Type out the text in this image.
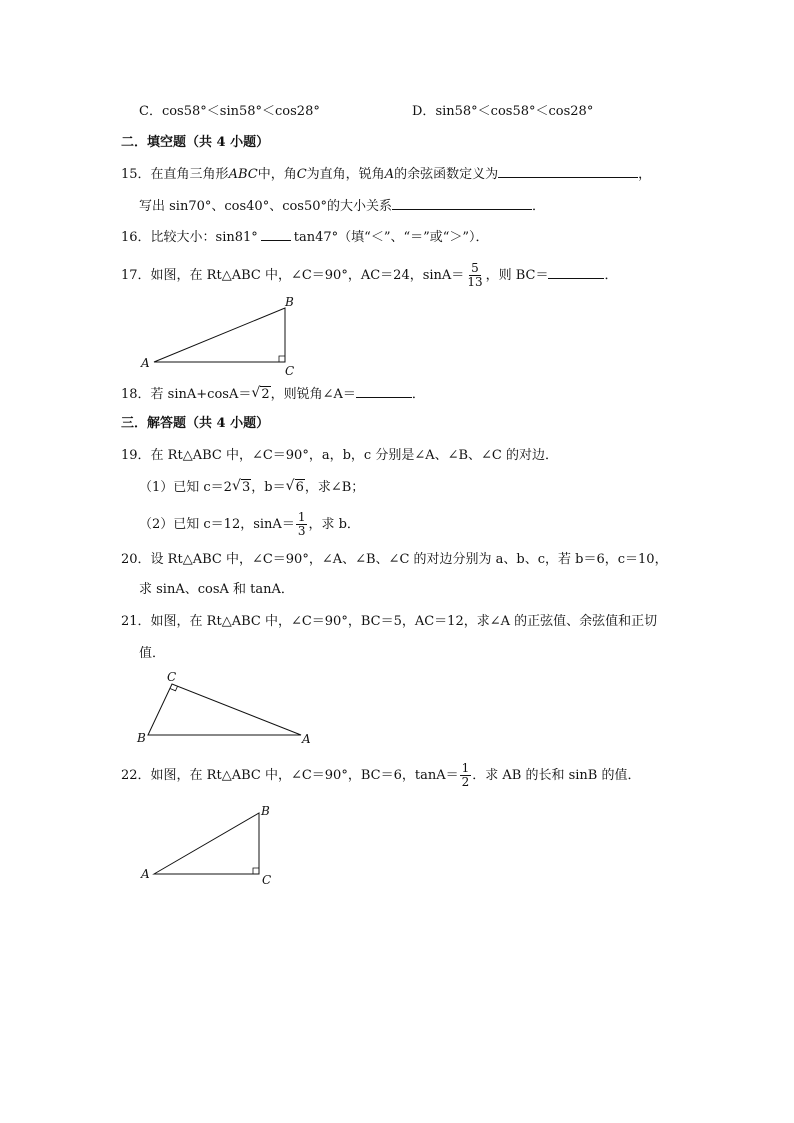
C．cos58°＜sin58°＜cos28°	D．sin58°＜cos58°＜cos28°
二．填空题（共 4 小题）
15．在直角三角形ABC中，角C为直角，锐角A的余弦函数定义为	，
写出 sin70°、cos40°、cos50°的大小关系	．
16．比较大小：sin81°	tan47°（填“＜”、“＝”或“＞”）．
17．如图，在 Rt△ABC 中，∠C＝90°，AC＝24，$\sin A= \frac{5}{13}$ ，则 BC＝	．
A
B
C
18．若 sinA+cosA＝ √ 2，则锐角∠A＝	．
三．解答题（共 4 小题）
19．在 Rt△ABC 中，∠C＝90°，a，b，c 分别是∠A、∠B、∠C 的对边．
（1）已知 c＝2 √ 3，b＝ √ 6，求∠B；
（2）已知 c＝12，$\sin A= \frac{1}{3}$ ，求 b．
20．设 Rt△ABC 中，∠C＝90°，∠A、∠B、∠C 的对边分别为 a、b、c，若 b＝6，c＝10，
求 sinA、cosA 和 tanA．
21．如图，在 Rt△ABC 中，∠C＝90°，BC＝5，AC＝12，求∠A 的正弦值、余弦值和正切
值．
B
C
A
22．如图，在 Rt△ABC 中，∠C＝90°，BC＝6，$\tan A= \frac{1}{2}$ ．求 AB 的长和 sinB 的值．
A
B
C
